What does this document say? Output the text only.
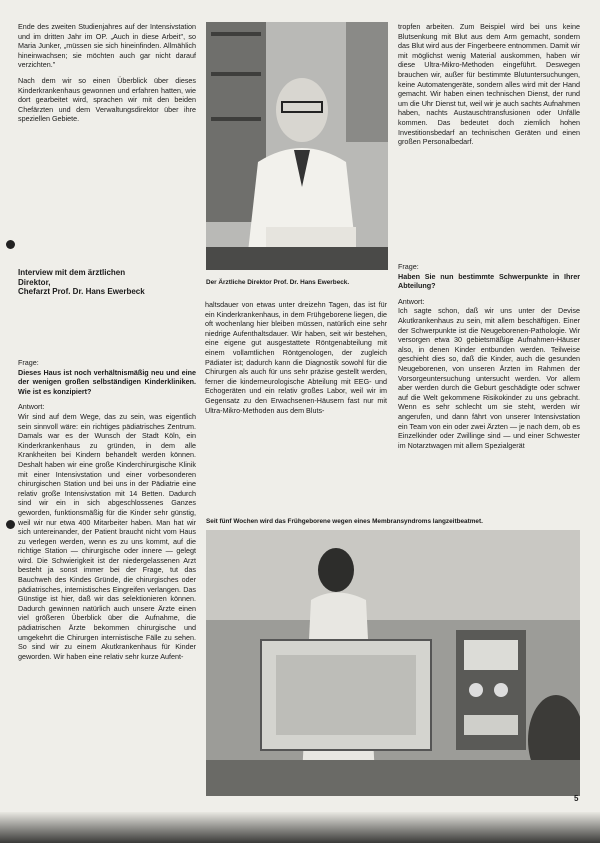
Ende des zweiten Studienjahres auf der Intensivstation und im dritten Jahr im OP. „Auch in diese Arbeit", so Maria Junker, „müssen sie sich hineinfinden. Allmählich hineinwachsen; sie möchten auch gar nicht darauf verzichten."

Nach dem wir so einen Überblick über dieses Kinderkrankenhaus gewonnen und erfahren hatten, wie dort gearbeitet wird, sprachen wir mit den beiden Chefärzten und dem Verwaltungsdirektor über ihre speziellen Gebiete.

Interview mit dem ärztlichen
Direktor,
Chefarzt Prof. Dr. Hans Ewerbeck

Frage:
Dieses Haus ist noch verhältnismäßig neu und eine der wenigen großen selbständigen Kinderkliniken. Wie ist es konzipiert?

Antwort:
Wir sind auf dem Wege, das zu sein, was eigentlich sein sinnvoll wäre: ein richtiges pädiatrisches Zentrum. Damals war es der Wunsch der Stadt Köln, ein Kinderkrankenhaus zu gründen, in dem alle Krankheiten bei Kindern behandelt werden können. Deshalt haben wir eine große Kinderchirurgische Klinik mit einer Intensivstation und einer vorbesonderen chirurgischen Station und bei uns in der Pädiatrie eine relativ große Intensivstation mit 14 Betten. Dadurch sind wir ein in sich abgeschlossenes Ganzes geworden, funktionsmäßig für die Kinder sehr günstig, weil wir nur etwa 400 Mitarbeiter haben. Man hat wir sich untereinander, der Patient braucht nicht vom Haus zu verlegen werden, wenn es zu uns kommt, auf die richtige Station — chirurgische oder innere — gelegt wird. Die Schwierigkeit ist der niedergelassenen Arzt besteht ja sonst immer bei der Frage, tut das Bauchweh des Kindes Gründe, die chirurgisches oder pädiatrisches, internistisches Eingreifen verlangen. Das Günstige ist hier, daß wir das selektionieren können. Dadurch gewinnen natürlich auch unsere Ärzte einen viel größeren Überblick über die Aufnahme, die pädiatrischen Ärzte bekommen chirurgische und umgekehrt die Chirurgen internistische Fälle zu sehen. So sind wir zu einem Akutkrankenhaus für Kinder geworden. Wir haben eine relativ sehr kurze Aufent-

Der Ärztliche Direktor Prof. Dr. Hans Ewerbeck.

haltsdauer von etwas unter dreizehn Tagen, das ist für ein Kinderkrankenhaus, in dem Frühgeborene liegen, die oft wochenlang hier bleiben müssen, natürlich eine sehr niedrige Aufenthaltsdauer. Wir haben, seit wir bestehen, eine eigene gut ausgestattete Röntgenabteilung mit einem vollamtlichen Röntgenologen, der zugleich Pädiater ist; dadurch kann die Diagnostik sowohl für die Chirurgen als auch für uns sehr präzise gestellt werden, ferner die kinderneurologische Abteilung mit EEG- und Echogeräten und ein relativ großes Labor, weil wir im Gegensatz zu den Erwachsenen-Häusern fast nur mit Ultra-Mikro-Methoden aus dem Bluts-

tropfen arbeiten. Zum Beispiel wird bei uns keine Blutsenkung mit Blut aus dem Arm gemacht, sondern das Blut wird aus der Fingerbeere entnommen. Damit wir mit möglichst wenig Material auskommen, haben wir diese Ultra-Mikro-Methoden eingeführt. Deswegen brauchen wir, außer für bestimmte Blutuntersuchungen, keine Automatengeräte, sondern alles wird mit der Hand gemacht. Wir haben einen technischen Dienst, der rund um die Uhr Dienst tut, weil wir je auch sachts Aufnahmen haben, nachts Austauschtransfusionen oder Unfälle kommen. Das bedeutet doch ziemlich hohen Investitionsbedarf an technischen Geräten und einen großen Personalbedarf.

Frage:
Haben Sie nun bestimmte Schwerpunkte in Ihrer Abteilung?

Antwort:
Ich sagte schon, daß wir uns unter der Devise Akutkrankenhaus zu sein, mit allem beschäftigen. Einer der Schwerpunkte ist die Neugeborenen-Pathologie. Wir versorgen etwa 30 gebietsmäßige Aufnahmen-Häuser also, in denen Kinder entbunden werden. Teilweise geschieht dies so, daß die Kinder, auch die gesunden Neugeborenen, von unseren Ärzten im Rahmen der Vorsorgeuntersuchung untersucht werden. Vor allem aber werden durch die Geburt geschädigte oder schwer auf die Welt gekommene Risikokinder zu uns gebracht. Wenn es sehr schlecht um sie steht, werden wir angerufen, und dann fährt von unserer Intensivstation ein Team von ein oder zwei Ärzten — je nach dem, ob es Einzelkinder oder Zwillinge sind — und einer Schwester im Notarztwagen mit allem Spezialgerät

Seit fünf Wochen wird das Frühgeborene wegen eines Membransyndroms langzeitbeatmet.
5
